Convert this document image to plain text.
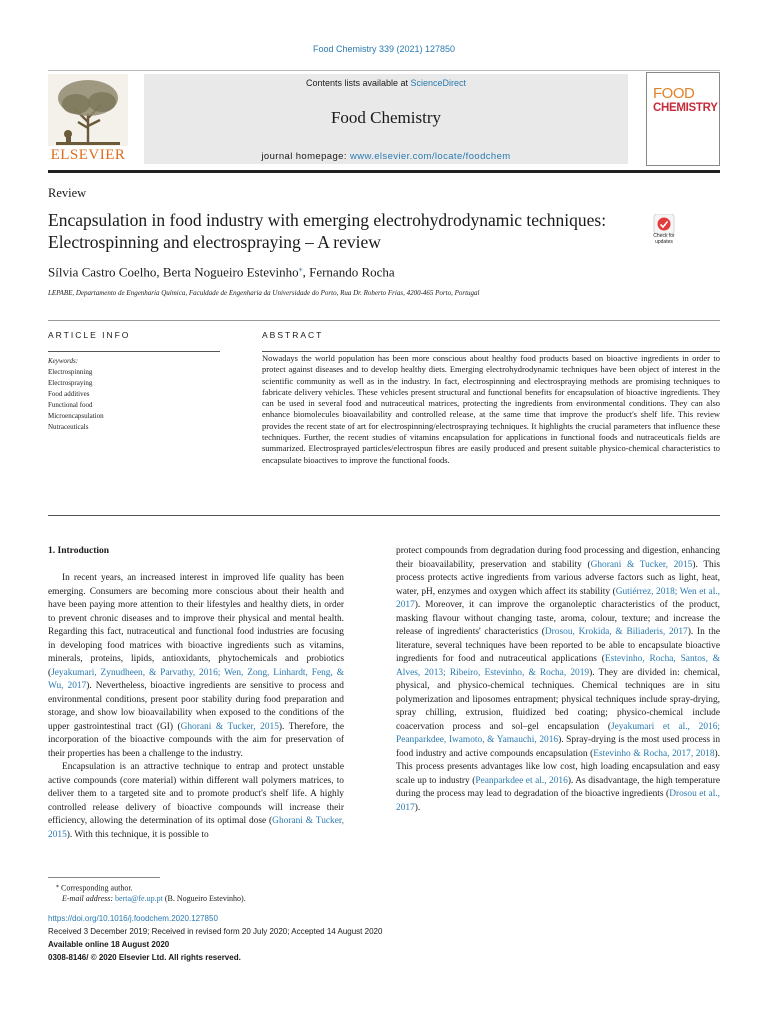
Food Chemistry 339 (2021) 127850
ELSEVIER
Contents lists available at ScienceDirect
Food Chemistry
journal homepage: www.elsevier.com/locate/foodchem
FOOD
CHEMISTRY
Review
Encapsulation in food industry with emerging electrohydrodynamic techniques: Electrospinning and electrospraying – A review	Check for updates
Sílvia Castro Coelho, Berta Nogueiro Estevinho⁎, Fernando Rocha
LEPABE, Departamento de Engenharia Química, Faculdade de Engenharia da Universidade do Porto, Rua Dr. Roberto Frias, 4200-465 Porto, Portugal
ARTICLE INFO	ABSTRACT
Keywords:
Electrospinning
Electrospraying
Food additives
Functional food
Microencapsulation
Nutraceuticals
Nowadays the world population has been more conscious about healthy food products based on bioactive ingredients in order to protect against diseases and to develop healthy diets. Emerging electrohydrodynamic techniques have been object of interest in the scientific community as well as in the industry. In fact, electrospinning and electrospraying methods are promising techniques to fabricate delivery vehicles. These vehicles present structural and functional benefits for encapsulation of bioactive ingredients. They can be used in several food and nutraceutical matrices, protecting the ingredients from environmental conditions. They can also enhance biomolecules bioavailability and controlled release, at the same time that improve the product's shelf life. This review provides the recent state of art for electrospinning/electrospraying techniques. It highlights the crucial parameters that influence these techniques. Further, the recent studies of vitamins encapsulation for applications in functional foods and nutraceuticals fields are summarized. Electrosprayed particles/electrospun fibres are easily produced and present suitable physico-chemical characteristics to encapsulate bioactives to improve the functional foods.
1. Introduction

In recent years, an increased interest in improved life quality has been emerging. Consumers are becoming more conscious about their health and have been paying more attention to their lifestyles and healthy diets, in order to prevent chronic diseases and to improve their physical and mental health. Regarding this fact, nutraceutical and functional food industries are focusing in developing food matrices with bioactive ingredients such as vitamins, minerals, proteins, lipids, antioxidants, phytochemicals and probiotics (Jeyakumari, Zynudheen, & Parvathy, 2016; Wen, Zong, Linhardt, Feng, & Wu, 2017). Nevertheless, bioactive ingredients are sensitive to process and environmental conditions, present poor stability during food preparation and storage, and show low bioavailability when exposed to the conditions of the upper gastrointestinal tract (GI) (Ghorani & Tucker, 2015). Therefore, the incorporation of the bioactive compounds with the aim for preservation of their properties has been a challenge to the industry.

Encapsulation is an attractive technique to entrap and protect unstable active compounds (core material) within different wall polymers matrices, to deliver them to a targeted site and to promote product's shelf life. A highly controlled release delivery of bioactive compounds will increase their efficiency, allowing the determination of its optimal dose (Ghorani & Tucker, 2015). With this technique, it is possible to

protect compounds from degradation during food processing and digestion, enhancing their bioavailability, preservation and stability (Ghorani & Tucker, 2015). This process protects active ingredients from various adverse factors such as light, heat, water, pH, enzymes and oxygen which affect its stability (Gutiérrez, 2018; Wen et al., 2017). Moreover, it can improve the organoleptic characteristics of the product, masking flavour without changing taste, aroma, colour, texture; and increase the release of ingredients' characteristics (Drosou, Krokida, & Biliaderis, 2017). In the literature, several techniques have been reported to be able to encapsulate bioactive ingredients for food and nutraceutical applications (Estevinho, Rocha, Santos, & Alves, 2013; Ribeiro, Estevinho, & Rocha, 2019). They are divided in: chemical, physical, and physico-chemical techniques. Chemical techniques are in situ polymerization and liposomes entrapment; physical techniques include spray-drying, spray chilling, extrusion, fluidized bed coating; physico-chemical include coacervation process and sol–gel encapsulation (Jeyakumari et al., 2016; Peanparkdee, Iwamoto, & Yamauchi, 2016). Spray-drying is the most used process in food industry and active compounds encapsulation (Estevinho & Rocha, 2017, 2018). This process presents advantages like low cost, high loading encapsulation and easy scale up to industry (Peanparkdee et al., 2016). As disadvantage, the high temperature during the process may lead to degradation of the bioactive ingredients (Drosou et al., 2017).

⁎ Corresponding author.
E-mail address: berta@fe.up.pt (B. Nogueiro Estevinho).
https://doi.org/10.1016/j.foodchem.2020.127850
Received 3 December 2019; Received in revised form 20 July 2020; Accepted 14 August 2020
Available online 18 August 2020
0308-8146/ © 2020 Elsevier Ltd. All rights reserved.
